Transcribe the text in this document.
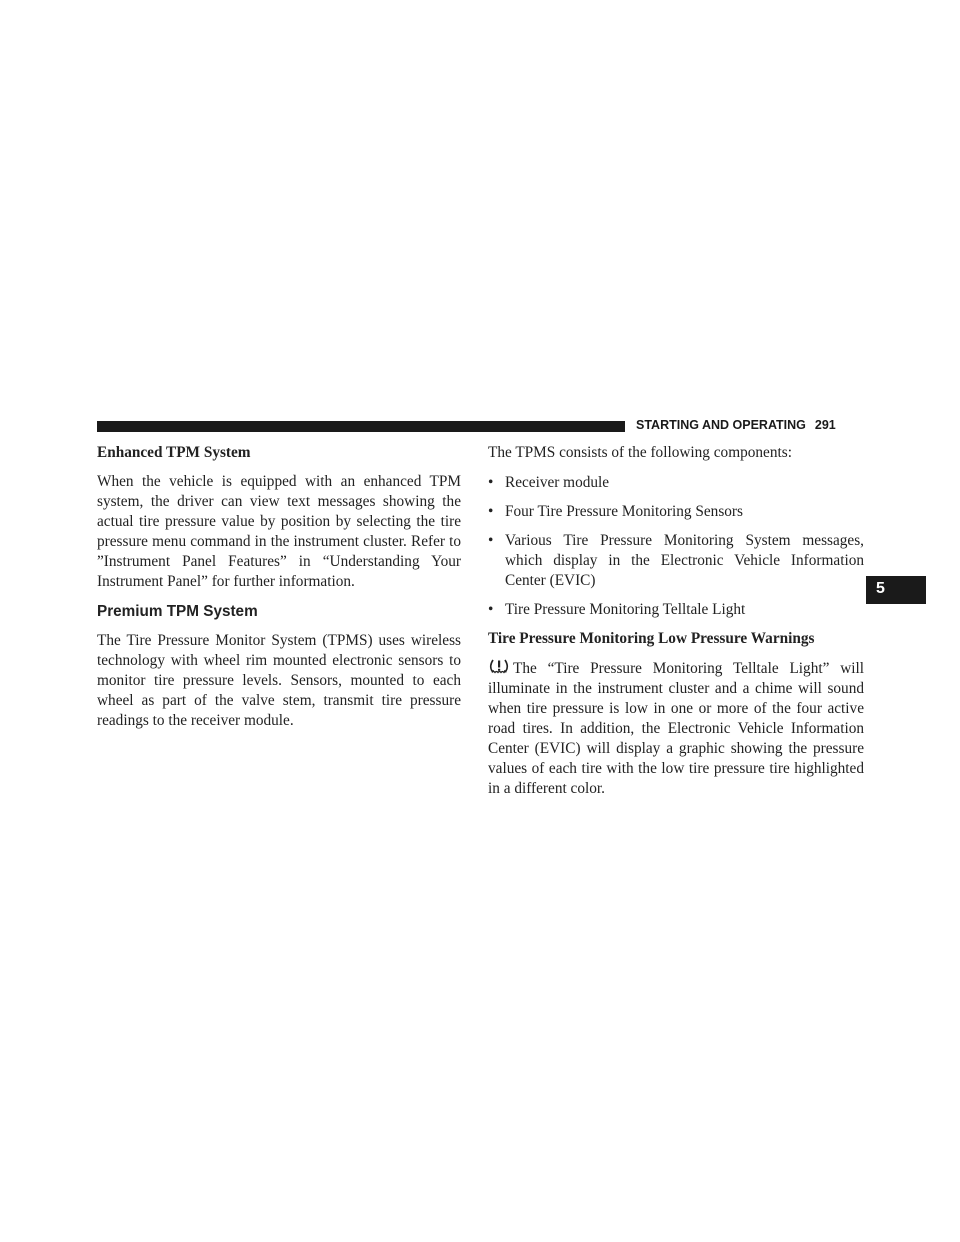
STARTING AND OPERATING 291
5
Enhanced TPM System

When the vehicle is equipped with an enhanced TPM system, the driver can view text messages showing the actual tire pressure value by position by selecting the tire pressure menu command in the instrument cluster. Refer to ”Instrument Panel Features” in “Understanding Your Instrument Panel” for further information.

Premium TPM System

The Tire Pressure Monitor System (TPMS) uses wireless technology with wheel rim mounted electronic sensors to monitor tire pressure levels. Sensors, mounted to each wheel as part of the valve stem, transmit tire pressure readings to the receiver module.

The TPMS consists of the following components:

• Receiver module
• Four Tire Pressure Monitoring Sensors
• Various Tire Pressure Monitoring System messages, which display in the Electronic Vehicle Information Center (EVIC)
• Tire Pressure Monitoring Telltale Light
Tire Pressure Monitoring Low Pressure Warnings

The “Tire Pressure Monitoring Telltale Light” will illuminate in the instrument cluster and a chime will sound when tire pressure is low in one or more of the four active road tires. In addition, the Electronic Vehicle Information Center (EVIC) will display a graphic showing the pressure values of each tire with the low tire pressure tire highlighted in a different color.
